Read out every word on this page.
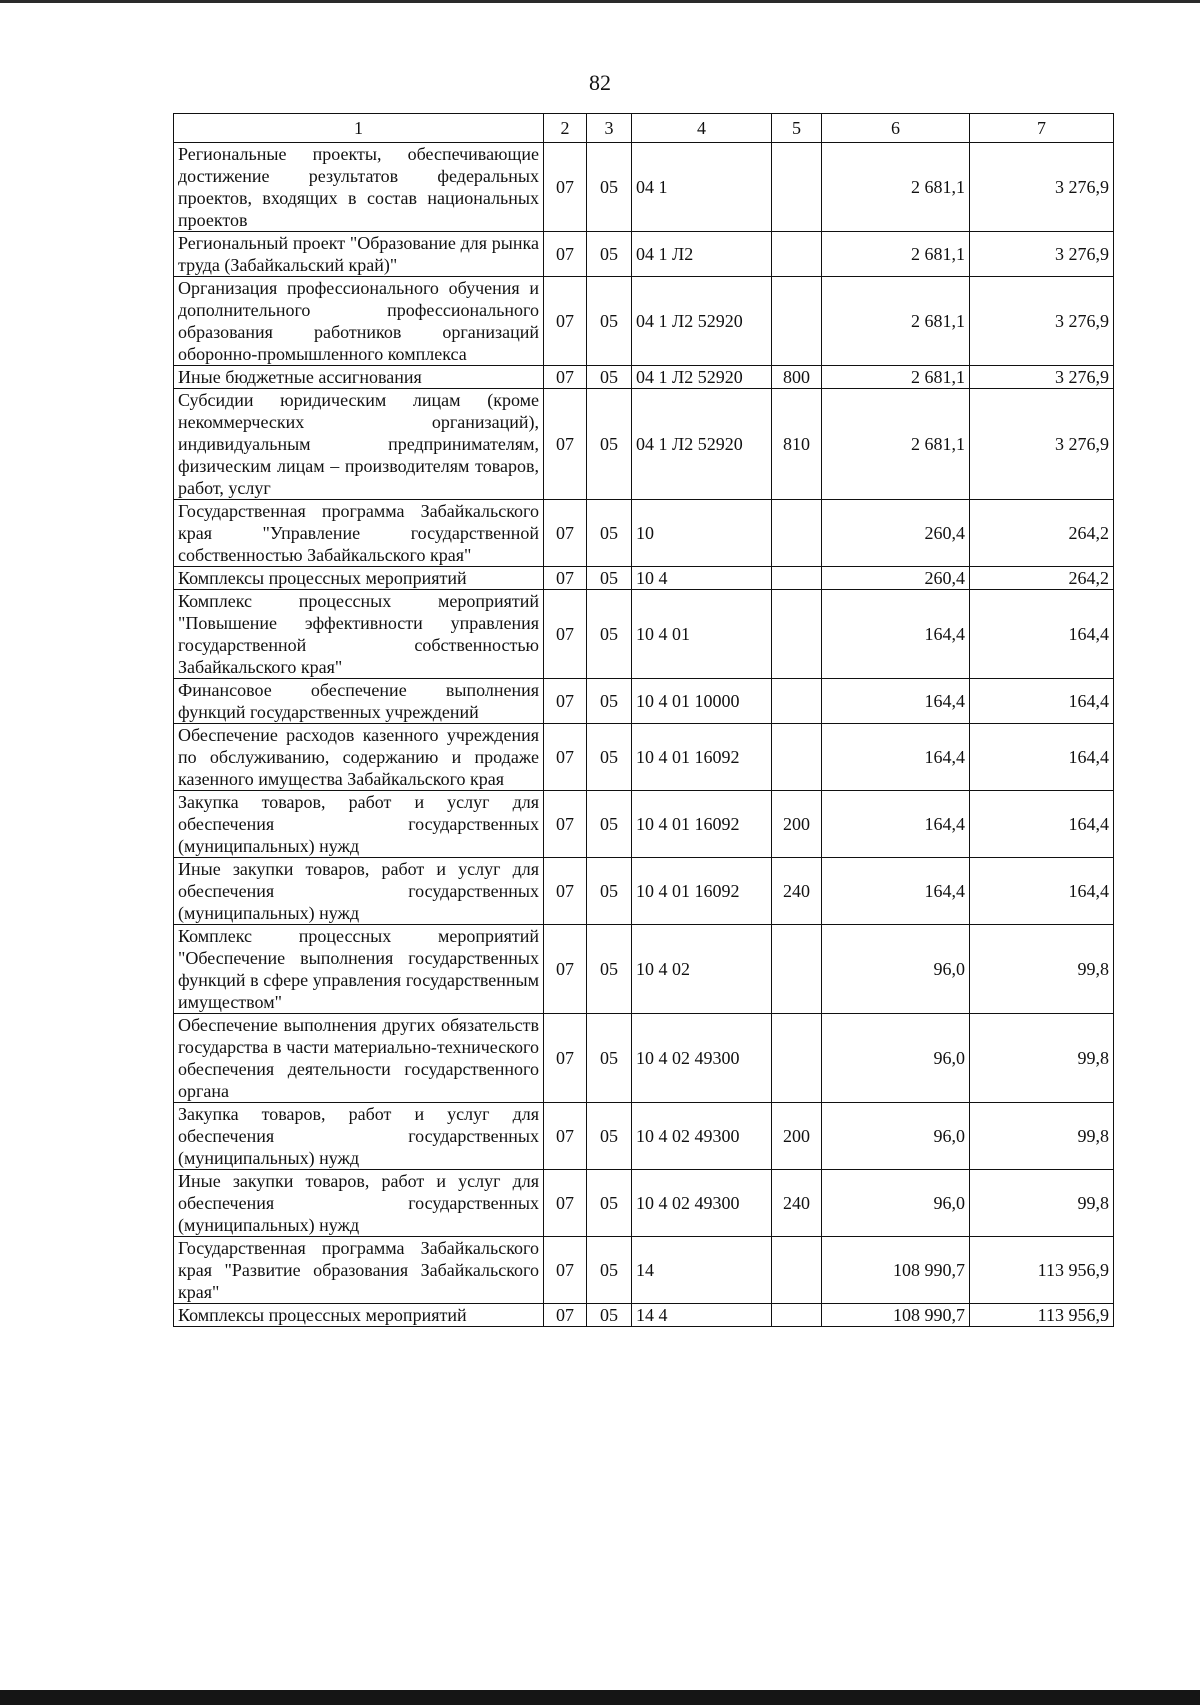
82
1	2	3	4	5	6	7
Региональные проекты, обеспечивающие достижение результатов федеральных проектов, входящих в состав национальных проектов	07	05	04 1		2 681,1	3 276,9
Региональный проект "Образование для рынка труда (Забайкальский край)"	07	05	04 1 Л2		2 681,1	3 276,9
Организация профессионального обучения и дополнительного профессионального образования работников организаций оборонно-промышленного комплекса	07	05	04 1 Л2 52920		2 681,1	3 276,9
Иные бюджетные ассигнования	07	05	04 1 Л2 52920	800	2 681,1	3 276,9
Субсидии юридическим лицам (кроме некоммерческих организаций), индивидуальным предпринимателям, физическим лицам – производителям товаров, работ, услуг	07	05	04 1 Л2 52920	810	2 681,1	3 276,9
Государственная программа Забайкальского края "Управление государственной собственностью Забайкальского края"	07	05	10		260,4	264,2
Комплексы процессных мероприятий	07	05	10 4		260,4	264,2
Комплекс процессных мероприятий "Повышение эффективности управления государственной собственностью Забайкальского края"	07	05	10 4 01		164,4	164,4
Финансовое обеспечение выполнения функций государственных учреждений	07	05	10 4 01 10000		164,4	164,4
Обеспечение расходов казенного учреждения по обслуживанию, содержанию и продаже казенного имущества Забайкальского края	07	05	10 4 01 16092		164,4	164,4
Закупка товаров, работ и услуг для обеспечения государственных (муниципальных) нужд	07	05	10 4 01 16092	200	164,4	164,4
Иные закупки товаров, работ и услуг для обеспечения государственных (муниципальных) нужд	07	05	10 4 01 16092	240	164,4	164,4
Комплекс процессных мероприятий "Обеспечение выполнения государственных функций в сфере управления государственным имуществом"	07	05	10 4 02		96,0	99,8
Обеспечение выполнения других обязательств государства в части материально-технического обеспечения деятельности государственного органа	07	05	10 4 02 49300		96,0	99,8
Закупка товаров, работ и услуг для обеспечения государственных (муниципальных) нужд	07	05	10 4 02 49300	200	96,0	99,8
Иные закупки товаров, работ и услуг для обеспечения государственных (муниципальных) нужд	07	05	10 4 02 49300	240	96,0	99,8
Государственная программа Забайкальского края "Развитие образования Забайкальского края"	07	05	14		108 990,7	113 956,9
Комплексы процессных мероприятий	07	05	14 4		108 990,7	113 956,9
